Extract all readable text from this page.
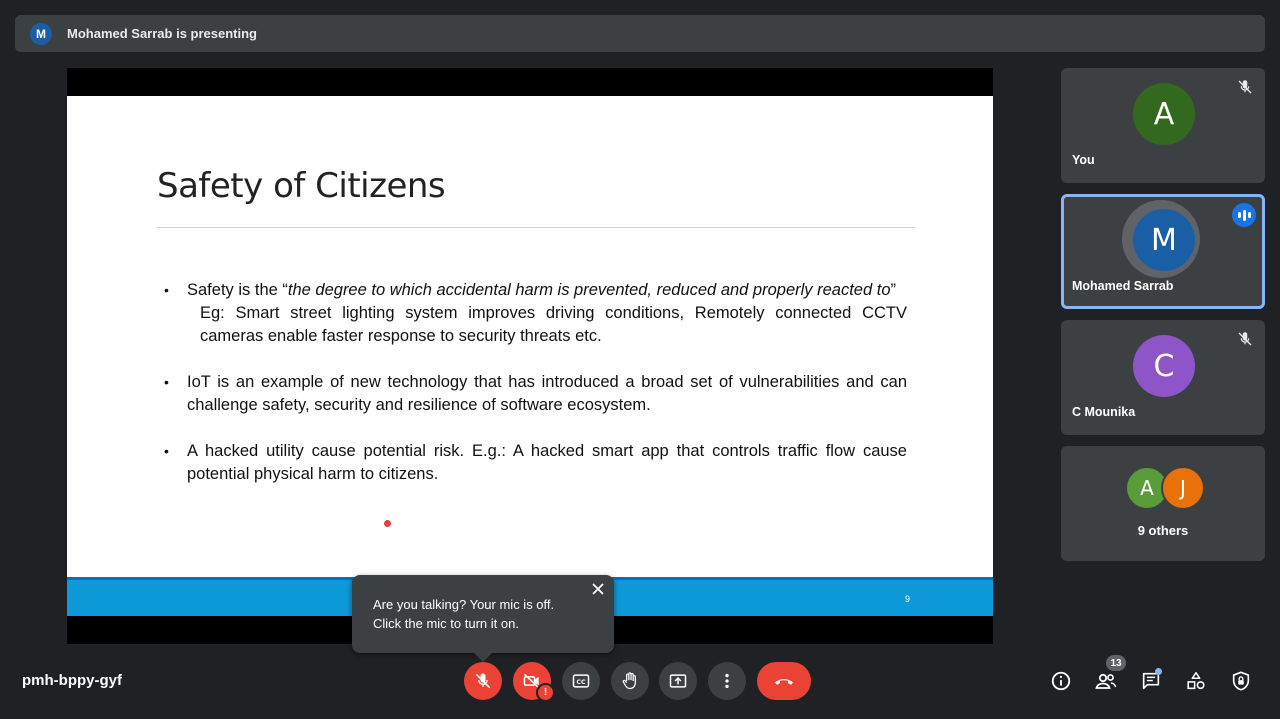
M	Mohamed Sarrab is presenting
Safety of Citizens
•	Safety is the “the degree to which accidental harm is prevented, reduced and properly reacted to”
Eg: Smart street lighting system improves driving conditions, Remotely connected CCTV cameras enable faster response to security threats etc.
•	IoT is an example of new technology that has introduced a broad set of vulnerabilities and can challenge safety, security and resilience of software ecosystem.
•	A hacked utility cause potential risk. E.g.: A hacked smart app that controls traffic flow cause potential physical harm to citizens.
9
A
You
M
Mohamed Sarrab
C
C Mounika
A	J
9 others
Are you talking? Your mic is off. Click the mic to turn it on.
pmh-bppy-gyf
!
CC
13
